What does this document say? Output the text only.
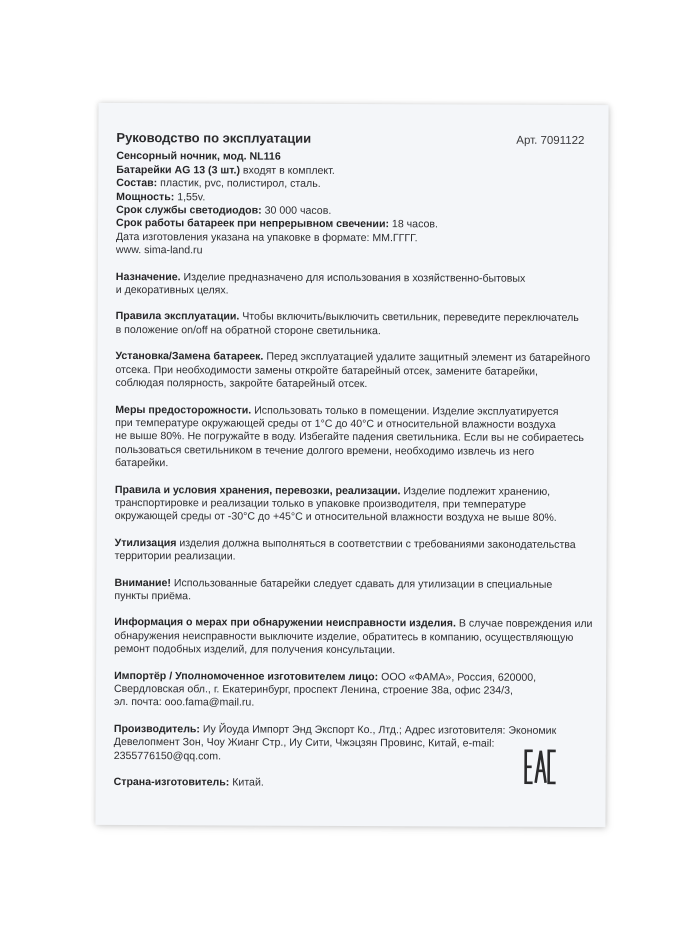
Руководство по эксплуатации	Арт. 7091122
Сенсорный ночник, мод. NL116
Батарейки AG 13 (3 шт.) входят в комплект.
Состав: пластик, pvc, полистирол, сталь.
Мощность: 1,55v.
Срок службы светодиодов: 30 000 часов.
Срок работы батареек при непрерывном свечении: 18 часов.
Дата изготовления указана на упаковке в формате: ММ.ГГГГ.
www. sima-land.ru
Назначение. Изделие предназначено для использования в хозяйственно-бытовых
и декоративных целях.
Правила эксплуатации. Чтобы включить/выключить светильник, переведите переключатель
в положение on/off на обратной стороне светильника.
Установка/Замена батареек. Перед эксплуатацией удалите защитный элемент из батарейного
отсека. При необходимости замены откройте батарейный отсек, замените батарейки,
соблюдая полярность, закройте батарейный отсек.
Меры предосторожности. Использовать только в помещении. Изделие эксплуатируется
при температуре окружающей среды от 1°С до 40°С и относительной влажности воздуха
не выше 80%. Не погружайте в воду. Избегайте падения светильника. Если вы не собираетесь
пользоваться светильником в течение долгого времени, необходимо извлечь из него
батарейки.
Правила и условия хранения, перевозки, реализации. Изделие подлежит хранению,
транспортировке и реализации только в упаковке производителя, при температуре
окружающей среды от -30°С до +45°С и относительной влажности воздуха не выше 80%.
Утилизация изделия должна выполняться в соответствии с требованиями законодательства
территории реализации.
Внимание! Использованные батарейки следует сдавать для утилизации в специальные
пункты приёма.
Информация о мерах при обнаружении неисправности изделия. В случае повреждения или
обнаружения неисправности выключите изделие, обратитесь в компанию, осуществляющую
ремонт подобных изделий, для получения консультации.
Импортёр / Уполномоченное изготовителем лицо: ООО «ФАМА», Россия, 620000,
Свердловская обл., г. Екатеринбург, проспект Ленина, строение 38а, офис 234/3,
эл. почта: ooo.fama@mail.ru.
Производитель: Иу Йоуда Импорт Энд Экспорт Ко., Лтд.; Адрес изготовителя: Экономик
Девелопмент Зон, Чоу Жианг Стр., Иу Сити, Чжэцзян Провинс, Китай, e-mail:
2355776150@qq.com.
Страна-изготовитель: Китай.
